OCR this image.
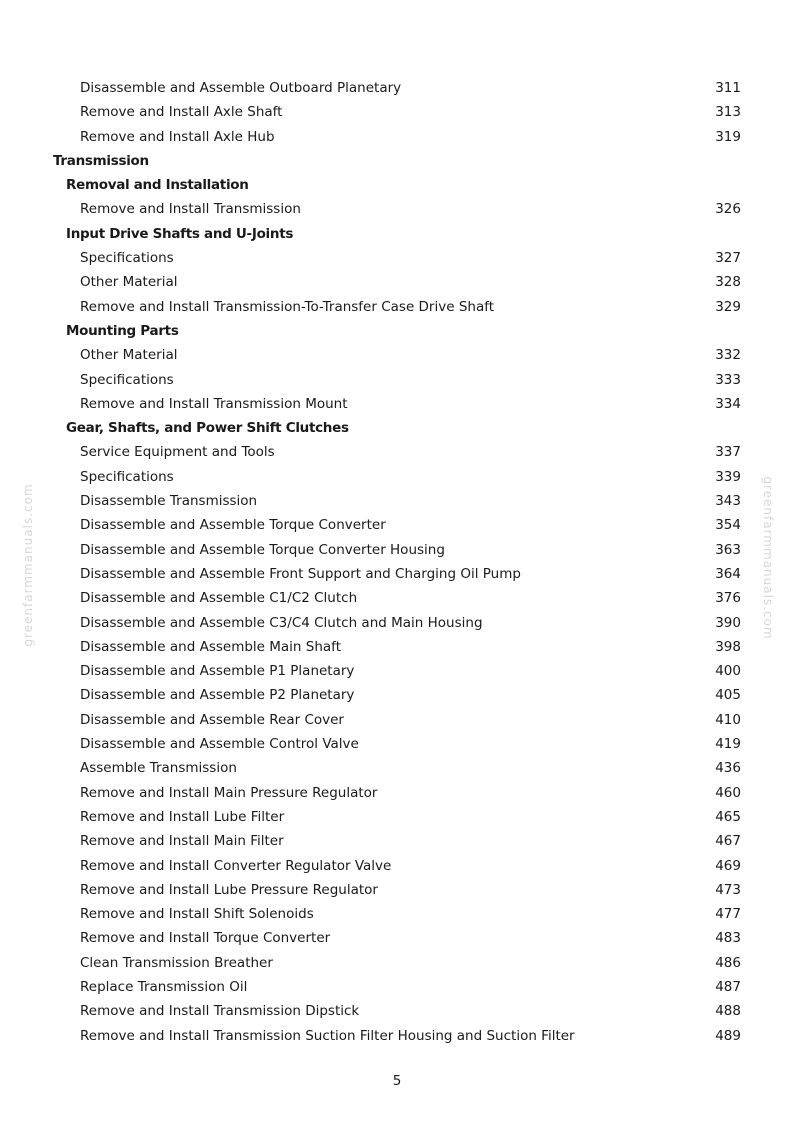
Disassemble and Assemble Outboard Planetary	311
Remove and Install Axle Shaft	313
Remove and Install Axle Hub	319
Transmission
Removal and Installation
Remove and Install Transmission	326
Input Drive Shafts and U-Joints
Specifications	327
Other Material	328
Remove and Install Transmission-To-Transfer Case Drive Shaft	329
Mounting Parts
Other Material	332
Specifications	333
Remove and Install Transmission Mount	334
Gear, Shafts, and Power Shift Clutches
Service Equipment and Tools	337
Specifications	339
Disassemble Transmission	343
Disassemble and Assemble Torque Converter	354
Disassemble and Assemble Torque Converter Housing	363
Disassemble and Assemble Front Support and Charging Oil Pump	364
Disassemble and Assemble C1/C2 Clutch	376
Disassemble and Assemble C3/C4 Clutch and Main Housing	390
Disassemble and Assemble Main Shaft	398
Disassemble and Assemble P1 Planetary	400
Disassemble and Assemble P2 Planetary	405
Disassemble and Assemble Rear Cover	410
Disassemble and Assemble Control Valve	419
Assemble Transmission	436
Remove and Install Main Pressure Regulator	460
Remove and Install Lube Filter	465
Remove and Install Main Filter	467
Remove and Install Converter Regulator Valve	469
Remove and Install Lube Pressure Regulator	473
Remove and Install Shift Solenoids	477
Remove and Install Torque Converter	483
Clean Transmission Breather	486
Replace Transmission Oil	487
Remove and Install Transmission Dipstick	488
Remove and Install Transmission Suction Filter Housing and Suction Filter	489
greenfarmmanuals.com	greenfarmmanuals.com
5
